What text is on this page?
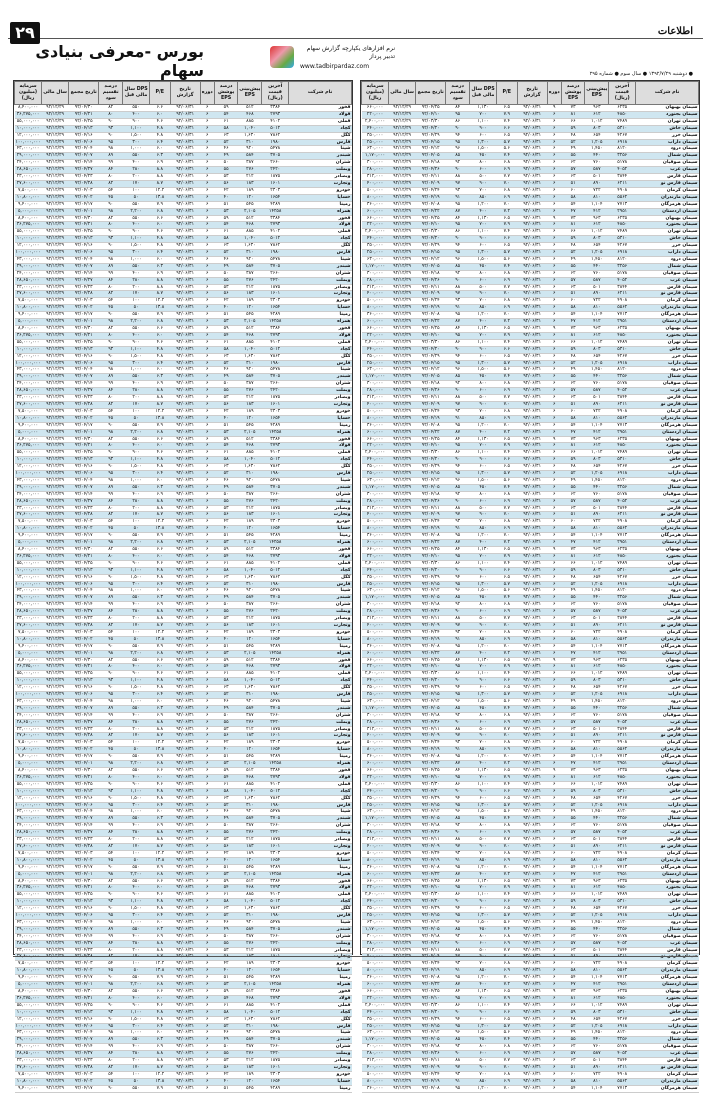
۲۹	اطلاعات
بورس -معرفی بنیادی سهام
نرم افزارهای یکپارچه گزارش سهام
تدبیر پرداز
www.tadbirpardaz.com
● دوشنبه ۱۳۹۲/۷/۲۹ ● سال سوم ● شماره ۲۹۵
نام شرکت	آخرین قیمت (ریال)	پیش‌بینی EPS	درصد پوشش EPS	دوره	تاریخ گزارش	P/E	DPS سال مالی قبل	درصد تقسیم سود	تاریخ مجمع	سال مالی	سرمایه (میلیون ریال)
سیمان بهبهان	۶۲۳۵	۹۶۳	۷۳	۹	۹۲/۰۶/۳۱	۶.۵	۱,۱۳۰	۸۴	۹۲/۰۴/۲۵	۹۲/۱۲/۲۹	۶۶۰,۰۰۰
سیمان بجنورد	۴۸۵۰	۶۱۲	۸۱	۶	۹۲/۰۶/۳۱	۷.۹	۷۰۰	۹۵	۹۲/۰۴/۱۰	۹۲/۱۲/۲۹	۲۲۰,۰۰۰
سیمان تهران	۷۴۸۹	۱,۰۱۲	۶۶	۶	۹۲/۰۶/۳۱	۷.۴	۱,۱۰۰	۸۶	۹۲/۰۳/۳۰	۹۲/۱۲/۲۹	۲,۴۰۰,۰۰۰
سیمان خاش	۵۳۱۰	۸۰۳	۵۹	۶	۹۲/۰۶/۳۱	۶.۶	۹۰۰	۹۰	۹۲/۰۴/۲۰	۹۲/۱۲/۲۹	۴۴۰,۰۰۰
سیمان خزر	۴۲۶۷	۶۵۴	۴۸	۶	۹۲/۰۶/۳۱	۶.۵	۶۰۰	۹۴	۹۲/۰۴/۲۹	۹۲/۱۲/۲۹	۳۵۰,۰۰۰
سیمان داراب	۶۹۱۸	۱,۲۰۵	۵۲	۶	۹۲/۰۶/۳۱	۵.۷	۱,۳۰۰	۹۵	۹۲/۰۴/۱۵	۹۲/۱۲/۲۹	۲۵۰,۰۰۰
سیمان درود	۸۱۲۰	۱,۴۵۰	۴۹	۶	۹۲/۰۶/۳۱	۵.۶	۱,۵۰۰	۹۶	۹۲/۰۴/۱۲	۹۲/۱۲/۲۹	۶۳۰,۰۰۰
سیمان شمال	۳۲۵۶	۴۴۰	۵۵	۶	۹۲/۰۶/۳۱	۷.۴	۴۵۰	۸۵	۹۲/۰۴/۰۵	۹۲/۱۲/۲۹	۱,۱۷۰,۰۰۰
سیمان صوفیان	۵۱۷۸	۷۶۰	۶۲	۶	۹۲/۰۶/۳۱	۶.۸	۸۰۰	۹۲	۹۲/۰۴/۱۸	۹۲/۱۲/۲۹	۳۰۰,۰۰۰
سیمان غرب	۴۰۵۲	۵۸۷	۵۷	۶	۹۲/۰۶/۳۱	۶.۹	۶۰۰	۹۰	۹۲/۰۴/۲۶	۹۲/۱۲/۲۹	۲۸۰,۰۰۰
سیمان فارس	۳۸۴۴	۵۰۱	۶۳	۶	۹۲/۰۶/۳۱	۷.۷	۵۰۰	۸۸	۹۲/۰۴/۱۱	۹۲/۱۲/۲۹	۳۱۲,۰۰۰
سیمان فارس نو	۶۲۱۱	۸۹۰	۵۱	۶	۹۲/۰۶/۳۱	۷.۰	۹۰۰	۹۷	۹۲/۰۴/۰۹	۹۲/۱۲/۲۹	۴۰۰,۰۰۰
سیمان کرمان	۴۹۰۸	۷۲۲	۶۰	۶	۹۲/۰۶/۳۱	۶.۸	۷۰۰	۹۳	۹۲/۰۴/۲۴	۹۲/۱۲/۲۹	۵۰۰,۰۰۰
سیمان مازندران	۵۵۶۲	۸۱۰	۵۸	۶	۹۲/۰۶/۳۱	۶.۹	۸۵۰	۹۱	۹۲/۰۴/۱۹	۹۲/۱۲/۲۹	۸۰۰,۰۰۰
سیمان هرمزگان	۷۷۱۳	۱,۱۰۴	۵۴	۶	۹۲/۰۶/۳۱	۷.۰	۱,۲۰۰	۹۵	۹۲/۰۴/۰۸	۹۲/۱۲/۲۹	۳۶۰,۰۰۰
سیمان اردستان	۲۹۵۱	۴۱۲	۴۷	۶	۹۲/۰۶/۳۱	۷.۲	۴۰۰	۸۷	۹۲/۰۴/۲۲	۹۲/۱۲/۲۹	۶۰۰,۰۰۰
سیمان بهبهان	۶۲۳۵	۹۶۳	۷۳	۹	۹۲/۰۶/۳۱	۶.۵	۱,۱۳۰	۸۴	۹۲/۰۴/۲۵	۹۲/۱۲/۲۹	۶۶۰,۰۰۰
سیمان بجنورد	۴۸۵۰	۶۱۲	۸۱	۶	۹۲/۰۶/۳۱	۷.۹	۷۰۰	۹۵	۹۲/۰۴/۱۰	۹۲/۱۲/۲۹	۲۲۰,۰۰۰
سیمان تهران	۷۴۸۹	۱,۰۱۲	۶۶	۶	۹۲/۰۶/۳۱	۷.۴	۱,۱۰۰	۸۶	۹۲/۰۳/۳۰	۹۲/۱۲/۲۹	۲,۴۰۰,۰۰۰
سیمان خاش	۵۳۱۰	۸۰۳	۵۹	۶	۹۲/۰۶/۳۱	۶.۶	۹۰۰	۹۰	۹۲/۰۴/۲۰	۹۲/۱۲/۲۹	۴۴۰,۰۰۰
سیمان خزر	۴۲۶۷	۶۵۴	۴۸	۶	۹۲/۰۶/۳۱	۶.۵	۶۰۰	۹۴	۹۲/۰۴/۲۹	۹۲/۱۲/۲۹	۳۵۰,۰۰۰
سیمان داراب	۶۹۱۸	۱,۲۰۵	۵۲	۶	۹۲/۰۶/۳۱	۵.۷	۱,۳۰۰	۹۵	۹۲/۰۴/۱۵	۹۲/۱۲/۲۹	۲۵۰,۰۰۰
سیمان درود	۸۱۲۰	۱,۴۵۰	۴۹	۶	۹۲/۰۶/۳۱	۵.۶	۱,۵۰۰	۹۶	۹۲/۰۴/۱۲	۹۲/۱۲/۲۹	۶۳۰,۰۰۰
سیمان شمال	۳۲۵۶	۴۴۰	۵۵	۶	۹۲/۰۶/۳۱	۷.۴	۴۵۰	۸۵	۹۲/۰۴/۰۵	۹۲/۱۲/۲۹	۱,۱۷۰,۰۰۰
سیمان صوفیان	۵۱۷۸	۷۶۰	۶۲	۶	۹۲/۰۶/۳۱	۶.۸	۸۰۰	۹۲	۹۲/۰۴/۱۸	۹۲/۱۲/۲۹	۳۰۰,۰۰۰
سیمان غرب	۴۰۵۲	۵۸۷	۵۷	۶	۹۲/۰۶/۳۱	۶.۹	۶۰۰	۹۰	۹۲/۰۴/۲۶	۹۲/۱۲/۲۹	۲۸۰,۰۰۰
سیمان فارس	۳۸۴۴	۵۰۱	۶۳	۶	۹۲/۰۶/۳۱	۷.۷	۵۰۰	۸۸	۹۲/۰۴/۱۱	۹۲/۱۲/۲۹	۳۱۲,۰۰۰
سیمان فارس نو	۶۲۱۱	۸۹۰	۵۱	۶	۹۲/۰۶/۳۱	۷.۰	۹۰۰	۹۷	۹۲/۰۴/۰۹	۹۲/۱۲/۲۹	۴۰۰,۰۰۰
سیمان کرمان	۴۹۰۸	۷۲۲	۶۰	۶	۹۲/۰۶/۳۱	۶.۸	۷۰۰	۹۳	۹۲/۰۴/۲۴	۹۲/۱۲/۲۹	۵۰۰,۰۰۰
سیمان مازندران	۵۵۶۲	۸۱۰	۵۸	۶	۹۲/۰۶/۳۱	۶.۹	۸۵۰	۹۱	۹۲/۰۴/۱۹	۹۲/۱۲/۲۹	۸۰۰,۰۰۰
سیمان هرمزگان	۷۷۱۳	۱,۱۰۴	۵۴	۶	۹۲/۰۶/۳۱	۷.۰	۱,۲۰۰	۹۵	۹۲/۰۴/۰۸	۹۲/۱۲/۲۹	۳۶۰,۰۰۰
سیمان اردستان	۲۹۵۱	۴۱۲	۴۷	۶	۹۲/۰۶/۳۱	۷.۲	۴۰۰	۸۷	۹۲/۰۴/۲۲	۹۲/۱۲/۲۹	۶۰۰,۰۰۰
سیمان بهبهان	۶۲۳۵	۹۶۳	۷۳	۹	۹۲/۰۶/۳۱	۶.۵	۱,۱۳۰	۸۴	۹۲/۰۴/۲۵	۹۲/۱۲/۲۹	۶۶۰,۰۰۰
سیمان بجنورد	۴۸۵۰	۶۱۲	۸۱	۶	۹۲/۰۶/۳۱	۷.۹	۷۰۰	۹۵	۹۲/۰۴/۱۰	۹۲/۱۲/۲۹	۲۲۰,۰۰۰
سیمان تهران	۷۴۸۹	۱,۰۱۲	۶۶	۶	۹۲/۰۶/۳۱	۷.۴	۱,۱۰۰	۸۶	۹۲/۰۳/۳۰	۹۲/۱۲/۲۹	۲,۴۰۰,۰۰۰
سیمان خاش	۵۳۱۰	۸۰۳	۵۹	۶	۹۲/۰۶/۳۱	۶.۶	۹۰۰	۹۰	۹۲/۰۴/۲۰	۹۲/۱۲/۲۹	۴۴۰,۰۰۰
سیمان خزر	۴۲۶۷	۶۵۴	۴۸	۶	۹۲/۰۶/۳۱	۶.۵	۶۰۰	۹۴	۹۲/۰۴/۲۹	۹۲/۱۲/۲۹	۳۵۰,۰۰۰
سیمان داراب	۶۹۱۸	۱,۲۰۵	۵۲	۶	۹۲/۰۶/۳۱	۵.۷	۱,۳۰۰	۹۵	۹۲/۰۴/۱۵	۹۲/۱۲/۲۹	۲۵۰,۰۰۰
سیمان درود	۸۱۲۰	۱,۴۵۰	۴۹	۶	۹۲/۰۶/۳۱	۵.۶	۱,۵۰۰	۹۶	۹۲/۰۴/۱۲	۹۲/۱۲/۲۹	۶۳۰,۰۰۰
سیمان شمال	۳۲۵۶	۴۴۰	۵۵	۶	۹۲/۰۶/۳۱	۷.۴	۴۵۰	۸۵	۹۲/۰۴/۰۵	۹۲/۱۲/۲۹	۱,۱۷۰,۰۰۰
سیمان صوفیان	۵۱۷۸	۷۶۰	۶۲	۶	۹۲/۰۶/۳۱	۶.۸	۸۰۰	۹۲	۹۲/۰۴/۱۸	۹۲/۱۲/۲۹	۳۰۰,۰۰۰
سیمان غرب	۴۰۵۲	۵۸۷	۵۷	۶	۹۲/۰۶/۳۱	۶.۹	۶۰۰	۹۰	۹۲/۰۴/۲۶	۹۲/۱۲/۲۹	۲۸۰,۰۰۰
سیمان فارس	۳۸۴۴	۵۰۱	۶۳	۶	۹۲/۰۶/۳۱	۷.۷	۵۰۰	۸۸	۹۲/۰۴/۱۱	۹۲/۱۲/۲۹	۳۱۲,۰۰۰
سیمان فارس نو	۶۲۱۱	۸۹۰	۵۱	۶	۹۲/۰۶/۳۱	۷.۰	۹۰۰	۹۷	۹۲/۰۴/۰۹	۹۲/۱۲/۲۹	۴۰۰,۰۰۰
سیمان کرمان	۴۹۰۸	۷۲۲	۶۰	۶	۹۲/۰۶/۳۱	۶.۸	۷۰۰	۹۳	۹۲/۰۴/۲۴	۹۲/۱۲/۲۹	۵۰۰,۰۰۰
سیمان مازندران	۵۵۶۲	۸۱۰	۵۸	۶	۹۲/۰۶/۳۱	۶.۹	۸۵۰	۹۱	۹۲/۰۴/۱۹	۹۲/۱۲/۲۹	۸۰۰,۰۰۰
سیمان هرمزگان	۷۷۱۳	۱,۱۰۴	۵۴	۶	۹۲/۰۶/۳۱	۷.۰	۱,۲۰۰	۹۵	۹۲/۰۴/۰۸	۹۲/۱۲/۲۹	۳۶۰,۰۰۰
سیمان اردستان	۲۹۵۱	۴۱۲	۴۷	۶	۹۲/۰۶/۳۱	۷.۲	۴۰۰	۸۷	۹۲/۰۴/۲۲	۹۲/۱۲/۲۹	۶۰۰,۰۰۰
سیمان بهبهان	۶۲۳۵	۹۶۳	۷۳	۹	۹۲/۰۶/۳۱	۶.۵	۱,۱۳۰	۸۴	۹۲/۰۴/۲۵	۹۲/۱۲/۲۹	۶۶۰,۰۰۰
سیمان بجنورد	۴۸۵۰	۶۱۲	۸۱	۶	۹۲/۰۶/۳۱	۷.۹	۷۰۰	۹۵	۹۲/۰۴/۱۰	۹۲/۱۲/۲۹	۲۲۰,۰۰۰
سیمان تهران	۷۴۸۹	۱,۰۱۲	۶۶	۶	۹۲/۰۶/۳۱	۷.۴	۱,۱۰۰	۸۶	۹۲/۰۳/۳۰	۹۲/۱۲/۲۹	۲,۴۰۰,۰۰۰
سیمان خاش	۵۳۱۰	۸۰۳	۵۹	۶	۹۲/۰۶/۳۱	۶.۶	۹۰۰	۹۰	۹۲/۰۴/۲۰	۹۲/۱۲/۲۹	۴۴۰,۰۰۰
سیمان خزر	۴۲۶۷	۶۵۴	۴۸	۶	۹۲/۰۶/۳۱	۶.۵	۶۰۰	۹۴	۹۲/۰۴/۲۹	۹۲/۱۲/۲۹	۳۵۰,۰۰۰
سیمان داراب	۶۹۱۸	۱,۲۰۵	۵۲	۶	۹۲/۰۶/۳۱	۵.۷	۱,۳۰۰	۹۵	۹۲/۰۴/۱۵	۹۲/۱۲/۲۹	۲۵۰,۰۰۰
سیمان درود	۸۱۲۰	۱,۴۵۰	۴۹	۶	۹۲/۰۶/۳۱	۵.۶	۱,۵۰۰	۹۶	۹۲/۰۴/۱۲	۹۲/۱۲/۲۹	۶۳۰,۰۰۰
سیمان شمال	۳۲۵۶	۴۴۰	۵۵	۶	۹۲/۰۶/۳۱	۷.۴	۴۵۰	۸۵	۹۲/۰۴/۰۵	۹۲/۱۲/۲۹	۱,۱۷۰,۰۰۰
سیمان صوفیان	۵۱۷۸	۷۶۰	۶۲	۶	۹۲/۰۶/۳۱	۶.۸	۸۰۰	۹۲	۹۲/۰۴/۱۸	۹۲/۱۲/۲۹	۳۰۰,۰۰۰
سیمان غرب	۴۰۵۲	۵۸۷	۵۷	۶	۹۲/۰۶/۳۱	۶.۹	۶۰۰	۹۰	۹۲/۰۴/۲۶	۹۲/۱۲/۲۹	۲۸۰,۰۰۰
سیمان فارس	۳۸۴۴	۵۰۱	۶۳	۶	۹۲/۰۶/۳۱	۷.۷	۵۰۰	۸۸	۹۲/۰۴/۱۱	۹۲/۱۲/۲۹	۳۱۲,۰۰۰
سیمان فارس نو	۶۲۱۱	۸۹۰	۵۱	۶	۹۲/۰۶/۳۱	۷.۰	۹۰۰	۹۷	۹۲/۰۴/۰۹	۹۲/۱۲/۲۹	۴۰۰,۰۰۰
سیمان کرمان	۴۹۰۸	۷۲۲	۶۰	۶	۹۲/۰۶/۳۱	۶.۸	۷۰۰	۹۳	۹۲/۰۴/۲۴	۹۲/۱۲/۲۹	۵۰۰,۰۰۰
سیمان مازندران	۵۵۶۲	۸۱۰	۵۸	۶	۹۲/۰۶/۳۱	۶.۹	۸۵۰	۹۱	۹۲/۰۴/۱۹	۹۲/۱۲/۲۹	۸۰۰,۰۰۰
سیمان هرمزگان	۷۷۱۳	۱,۱۰۴	۵۴	۶	۹۲/۰۶/۳۱	۷.۰	۱,۲۰۰	۹۵	۹۲/۰۴/۰۸	۹۲/۱۲/۲۹	۳۶۰,۰۰۰
سیمان اردستان	۲۹۵۱	۴۱۲	۴۷	۶	۹۲/۰۶/۳۱	۷.۲	۴۰۰	۸۷	۹۲/۰۴/۲۲	۹۲/۱۲/۲۹	۶۰۰,۰۰۰
سیمان بهبهان	۶۲۳۵	۹۶۳	۷۳	۹	۹۲/۰۶/۳۱	۶.۵	۱,۱۳۰	۸۴	۹۲/۰۴/۲۵	۹۲/۱۲/۲۹	۶۶۰,۰۰۰
سیمان بجنورد	۴۸۵۰	۶۱۲	۸۱	۶	۹۲/۰۶/۳۱	۷.۹	۷۰۰	۹۵	۹۲/۰۴/۱۰	۹۲/۱۲/۲۹	۲۲۰,۰۰۰
سیمان تهران	۷۴۸۹	۱,۰۱۲	۶۶	۶	۹۲/۰۶/۳۱	۷.۴	۱,۱۰۰	۸۶	۹۲/۰۳/۳۰	۹۲/۱۲/۲۹	۲,۴۰۰,۰۰۰
سیمان خاش	۵۳۱۰	۸۰۳	۵۹	۶	۹۲/۰۶/۳۱	۶.۶	۹۰۰	۹۰	۹۲/۰۴/۲۰	۹۲/۱۲/۲۹	۴۴۰,۰۰۰
سیمان خزر	۴۲۶۷	۶۵۴	۴۸	۶	۹۲/۰۶/۳۱	۶.۵	۶۰۰	۹۴	۹۲/۰۴/۲۹	۹۲/۱۲/۲۹	۳۵۰,۰۰۰
سیمان داراب	۶۹۱۸	۱,۲۰۵	۵۲	۶	۹۲/۰۶/۳۱	۵.۷	۱,۳۰۰	۹۵	۹۲/۰۴/۱۵	۹۲/۱۲/۲۹	۲۵۰,۰۰۰
سیمان درود	۸۱۲۰	۱,۴۵۰	۴۹	۶	۹۲/۰۶/۳۱	۵.۶	۱,۵۰۰	۹۶	۹۲/۰۴/۱۲	۹۲/۱۲/۲۹	۶۳۰,۰۰۰
سیمان شمال	۳۲۵۶	۴۴۰	۵۵	۶	۹۲/۰۶/۳۱	۷.۴	۴۵۰	۸۵	۹۲/۰۴/۰۵	۹۲/۱۲/۲۹	۱,۱۷۰,۰۰۰
سیمان صوفیان	۵۱۷۸	۷۶۰	۶۲	۶	۹۲/۰۶/۳۱	۶.۸	۸۰۰	۹۲	۹۲/۰۴/۱۸	۹۲/۱۲/۲۹	۳۰۰,۰۰۰
سیمان غرب	۴۰۵۲	۵۸۷	۵۷	۶	۹۲/۰۶/۳۱	۶.۹	۶۰۰	۹۰	۹۲/۰۴/۲۶	۹۲/۱۲/۲۹	۲۸۰,۰۰۰
سیمان فارس	۳۸۴۴	۵۰۱	۶۳	۶	۹۲/۰۶/۳۱	۷.۷	۵۰۰	۸۸	۹۲/۰۴/۱۱	۹۲/۱۲/۲۹	۳۱۲,۰۰۰
سیمان فارس نو	۶۲۱۱	۸۹۰	۵۱	۶	۹۲/۰۶/۳۱	۷.۰	۹۰۰	۹۷	۹۲/۰۴/۰۹	۹۲/۱۲/۲۹	۴۰۰,۰۰۰
سیمان کرمان	۴۹۰۸	۷۲۲	۶۰	۶	۹۲/۰۶/۳۱	۶.۸	۷۰۰	۹۳	۹۲/۰۴/۲۴	۹۲/۱۲/۲۹	۵۰۰,۰۰۰
سیمان مازندران	۵۵۶۲	۸۱۰	۵۸	۶	۹۲/۰۶/۳۱	۶.۹	۸۵۰	۹۱	۹۲/۰۴/۱۹	۹۲/۱۲/۲۹	۸۰۰,۰۰۰
سیمان هرمزگان	۷۷۱۳	۱,۱۰۴	۵۴	۶	۹۲/۰۶/۳۱	۷.۰	۱,۲۰۰	۹۵	۹۲/۰۴/۰۸	۹۲/۱۲/۲۹	۳۶۰,۰۰۰
سیمان اردستان	۲۹۵۱	۴۱۲	۴۷	۶	۹۲/۰۶/۳۱	۷.۲	۴۰۰	۸۷	۹۲/۰۴/۲۲	۹۲/۱۲/۲۹	۶۰۰,۰۰۰
سیمان بهبهان	۶۲۳۵	۹۶۳	۷۳	۹	۹۲/۰۶/۳۱	۶.۵	۱,۱۳۰	۸۴	۹۲/۰۴/۲۵	۹۲/۱۲/۲۹	۶۶۰,۰۰۰
سیمان بجنورد	۴۸۵۰	۶۱۲	۸۱	۶	۹۲/۰۶/۳۱	۷.۹	۷۰۰	۹۵	۹۲/۰۴/۱۰	۹۲/۱۲/۲۹	۲۲۰,۰۰۰
سیمان تهران	۷۴۸۹	۱,۰۱۲	۶۶	۶	۹۲/۰۶/۳۱	۷.۴	۱,۱۰۰	۸۶	۹۲/۰۳/۳۰	۹۲/۱۲/۲۹	۲,۴۰۰,۰۰۰
سیمان خاش	۵۳۱۰	۸۰۳	۵۹	۶	۹۲/۰۶/۳۱	۶.۶	۹۰۰	۹۰	۹۲/۰۴/۲۰	۹۲/۱۲/۲۹	۴۴۰,۰۰۰
سیمان خزر	۴۲۶۷	۶۵۴	۴۸	۶	۹۲/۰۶/۳۱	۶.۵	۶۰۰	۹۴	۹۲/۰۴/۲۹	۹۲/۱۲/۲۹	۳۵۰,۰۰۰
سیمان داراب	۶۹۱۸	۱,۲۰۵	۵۲	۶	۹۲/۰۶/۳۱	۵.۷	۱,۳۰۰	۹۵	۹۲/۰۴/۱۵	۹۲/۱۲/۲۹	۲۵۰,۰۰۰
سیمان درود	۸۱۲۰	۱,۴۵۰	۴۹	۶	۹۲/۰۶/۳۱	۵.۶	۱,۵۰۰	۹۶	۹۲/۰۴/۱۲	۹۲/۱۲/۲۹	۶۳۰,۰۰۰
سیمان شمال	۳۲۵۶	۴۴۰	۵۵	۶	۹۲/۰۶/۳۱	۷.۴	۴۵۰	۸۵	۹۲/۰۴/۰۵	۹۲/۱۲/۲۹	۱,۱۷۰,۰۰۰
سیمان صوفیان	۵۱۷۸	۷۶۰	۶۲	۶	۹۲/۰۶/۳۱	۶.۸	۸۰۰	۹۲	۹۲/۰۴/۱۸	۹۲/۱۲/۲۹	۳۰۰,۰۰۰
سیمان غرب	۴۰۵۲	۵۸۷	۵۷	۶	۹۲/۰۶/۳۱	۶.۹	۶۰۰	۹۰	۹۲/۰۴/۲۶	۹۲/۱۲/۲۹	۲۸۰,۰۰۰
سیمان فارس	۳۸۴۴	۵۰۱	۶۳	۶	۹۲/۰۶/۳۱	۷.۷	۵۰۰	۸۸	۹۲/۰۴/۱۱	۹۲/۱۲/۲۹	۳۱۲,۰۰۰
سیمان فارس نو	۶۲۱۱	۸۹۰	۵۱	۶	۹۲/۰۶/۳۱	۷.۰	۹۰۰	۹۷	۹۲/۰۴/۰۹	۹۲/۱۲/۲۹	۴۰۰,۰۰۰
سیمان کرمان	۴۹۰۸	۷۲۲	۶۰	۶	۹۲/۰۶/۳۱	۶.۸	۷۰۰	۹۳	۹۲/۰۴/۲۴	۹۲/۱۲/۲۹	۵۰۰,۰۰۰
سیمان مازندران	۵۵۶۲	۸۱۰	۵۸	۶	۹۲/۰۶/۳۱	۶.۹	۸۵۰	۹۱	۹۲/۰۴/۱۹	۹۲/۱۲/۲۹	۸۰۰,۰۰۰
سیمان هرمزگان	۷۷۱۳	۱,۱۰۴	۵۴	۶	۹۲/۰۶/۳۱	۷.۰	۱,۲۰۰	۹۵	۹۲/۰۴/۰۸	۹۲/۱۲/۲۹	۳۶۰,۰۰۰
سیمان اردستان	۲۹۵۱	۴۱۲	۴۷	۶	۹۲/۰۶/۳۱	۷.۲	۴۰۰	۸۷	۹۲/۰۴/۲۲	۹۲/۱۲/۲۹	۶۰۰,۰۰۰
سیمان بهبهان	۶۲۳۵	۹۶۳	۷۳	۹	۹۲/۰۶/۳۱	۶.۵	۱,۱۳۰	۸۴	۹۲/۰۴/۲۵	۹۲/۱۲/۲۹	۶۶۰,۰۰۰
سیمان بجنورد	۴۸۵۰	۶۱۲	۸۱	۶	۹۲/۰۶/۳۱	۷.۹	۷۰۰	۹۵	۹۲/۰۴/۱۰	۹۲/۱۲/۲۹	۲۲۰,۰۰۰
سیمان تهران	۷۴۸۹	۱,۰۱۲	۶۶	۶	۹۲/۰۶/۳۱	۷.۴	۱,۱۰۰	۸۶	۹۲/۰۳/۳۰	۹۲/۱۲/۲۹	۲,۴۰۰,۰۰۰
سیمان خاش	۵۳۱۰	۸۰۳	۵۹	۶	۹۲/۰۶/۳۱	۶.۶	۹۰۰	۹۰	۹۲/۰۴/۲۰	۹۲/۱۲/۲۹	۴۴۰,۰۰۰
سیمان خزر	۴۲۶۷	۶۵۴	۴۸	۶	۹۲/۰۶/۳۱	۶.۵	۶۰۰	۹۴	۹۲/۰۴/۲۹	۹۲/۱۲/۲۹	۳۵۰,۰۰۰
سیمان داراب	۶۹۱۸	۱,۲۰۵	۵۲	۶	۹۲/۰۶/۳۱	۵.۷	۱,۳۰۰	۹۵	۹۲/۰۴/۱۵	۹۲/۱۲/۲۹	۲۵۰,۰۰۰
سیمان درود	۸۱۲۰	۱,۴۵۰	۴۹	۶	۹۲/۰۶/۳۱	۵.۶	۱,۵۰۰	۹۶	۹۲/۰۴/۱۲	۹۲/۱۲/۲۹	۶۳۰,۰۰۰
سیمان شمال	۳۲۵۶	۴۴۰	۵۵	۶	۹۲/۰۶/۳۱	۷.۴	۴۵۰	۸۵	۹۲/۰۴/۰۵	۹۲/۱۲/۲۹	۱,۱۷۰,۰۰۰
سیمان صوفیان	۵۱۷۸	۷۶۰	۶۲	۶	۹۲/۰۶/۳۱	۶.۸	۸۰۰	۹۲	۹۲/۰۴/۱۸	۹۲/۱۲/۲۹	۳۰۰,۰۰۰
سیمان غرب	۴۰۵۲	۵۸۷	۵۷	۶	۹۲/۰۶/۳۱	۶.۹	۶۰۰	۹۰	۹۲/۰۴/۲۶	۹۲/۱۲/۲۹	۲۸۰,۰۰۰
سیمان فارس	۳۸۴۴	۵۰۱	۶۳	۶	۹۲/۰۶/۳۱	۷.۷	۵۰۰	۸۸	۹۲/۰۴/۱۱	۹۲/۱۲/۲۹	۳۱۲,۰۰۰
سیمان فارس نو	۶۲۱۱	۸۹۰	۵۱	۶	۹۲/۰۶/۳۱	۷.۰	۹۰۰	۹۷	۹۲/۰۴/۰۹	۹۲/۱۲/۲۹	۴۰۰,۰۰۰
سیمان کرمان	۴۹۰۸	۷۲۲	۶۰	۶	۹۲/۰۶/۳۱	۶.۸	۷۰۰	۹۳	۹۲/۰۴/۲۴	۹۲/۱۲/۲۹	۵۰۰,۰۰۰
سیمان مازندران	۵۵۶۲	۸۱۰	۵۸	۶	۹۲/۰۶/۳۱	۶.۹	۸۵۰	۹۱	۹۲/۰۴/۱۹	۹۲/۱۲/۲۹	۸۰۰,۰۰۰
سیمان هرمزگان	۷۷۱۳	۱,۱۰۴	۵۴	۶	۹۲/۰۶/۳۱	۷.۰	۱,۲۰۰	۹۵	۹۲/۰۴/۰۸	۹۲/۱۲/۲۹	۳۶۰,۰۰۰
سیمان اردستان	۲۹۵۱	۴۱۲	۴۷	۶	۹۲/۰۶/۳۱	۷.۲	۴۰۰	۸۷	۹۲/۰۴/۲۲	۹۲/۱۲/۲۹	۶۰۰,۰۰۰
سیمان بهبهان	۶۲۳۵	۹۶۳	۷۳	۹	۹۲/۰۶/۳۱	۶.۵	۱,۱۳۰	۸۴	۹۲/۰۴/۲۵	۹۲/۱۲/۲۹	۶۶۰,۰۰۰
سیمان بجنورد	۴۸۵۰	۶۱۲	۸۱	۶	۹۲/۰۶/۳۱	۷.۹	۷۰۰	۹۵	۹۲/۰۴/۱۰	۹۲/۱۲/۲۹	۲۲۰,۰۰۰
سیمان تهران	۷۴۸۹	۱,۰۱۲	۶۶	۶	۹۲/۰۶/۳۱	۷.۴	۱,۱۰۰	۸۶	۹۲/۰۳/۳۰	۹۲/۱۲/۲۹	۲,۴۰۰,۰۰۰
سیمان خاش	۵۳۱۰	۸۰۳	۵۹	۶	۹۲/۰۶/۳۱	۶.۶	۹۰۰	۹۰	۹۲/۰۴/۲۰	۹۲/۱۲/۲۹	۴۴۰,۰۰۰
سیمان خزر	۴۲۶۷	۶۵۴	۴۸	۶	۹۲/۰۶/۳۱	۶.۵	۶۰۰	۹۴	۹۲/۰۴/۲۹	۹۲/۱۲/۲۹	۳۵۰,۰۰۰
سیمان داراب	۶۹۱۸	۱,۲۰۵	۵۲	۶	۹۲/۰۶/۳۱	۵.۷	۱,۳۰۰	۹۵	۹۲/۰۴/۱۵	۹۲/۱۲/۲۹	۲۵۰,۰۰۰
سیمان درود	۸۱۲۰	۱,۴۵۰	۴۹	۶	۹۲/۰۶/۳۱	۵.۶	۱,۵۰۰	۹۶	۹۲/۰۴/۱۲	۹۲/۱۲/۲۹	۶۳۰,۰۰۰
سیمان شمال	۳۲۵۶	۴۴۰	۵۵	۶	۹۲/۰۶/۳۱	۷.۴	۴۵۰	۸۵	۹۲/۰۴/۰۵	۹۲/۱۲/۲۹	۱,۱۷۰,۰۰۰
سیمان صوفیان	۵۱۷۸	۷۶۰	۶۲	۶	۹۲/۰۶/۳۱	۶.۸	۸۰۰	۹۲	۹۲/۰۴/۱۸	۹۲/۱۲/۲۹	۳۰۰,۰۰۰
سیمان غرب	۴۰۵۲	۵۸۷	۵۷	۶	۹۲/۰۶/۳۱	۶.۹	۶۰۰	۹۰	۹۲/۰۴/۲۶	۹۲/۱۲/۲۹	۲۸۰,۰۰۰
سیمان فارس	۳۸۴۴	۵۰۱	۶۳	۶	۹۲/۰۶/۳۱	۷.۷	۵۰۰	۸۸	۹۲/۰۴/۱۱	۹۲/۱۲/۲۹	۳۱۲,۰۰۰
سیمان فارس نو	۶۲۱۱	۸۹۰	۵۱	۶	۹۲/۰۶/۳۱	۷.۰	۹۰۰	۹۷	۹۲/۰۴/۰۹	۹۲/۱۲/۲۹	۴۰۰,۰۰۰
سیمان کرمان	۴۹۰۸	۷۲۲	۶۰	۶	۹۲/۰۶/۳۱	۶.۸	۷۰۰	۹۳	۹۲/۰۴/۲۴	۹۲/۱۲/۲۹	۵۰۰,۰۰۰
سیمان مازندران	۵۵۶۲	۸۱۰	۵۸	۶	۹۲/۰۶/۳۱	۶.۹	۸۵۰	۹۱	۹۲/۰۴/۱۹	۹۲/۱۲/۲۹	۸۰۰,۰۰۰
سیمان هرمزگان	۷۷۱۳	۱,۱۰۴	۵۴	۶	۹۲/۰۶/۳۱	۷.۰	۱,۲۰۰	۹۵	۹۲/۰۴/۰۸	۹۲/۱۲/۲۹	۳۶۰,۰۰۰
سیمان اردستان	۲۹۵۱	۴۱۲	۴۷	۶	۹۲/۰۶/۳۱	۷.۲	۴۰۰	۸۷	۹۲/۰۴/۲۲	۹۲/۱۲/۲۹	۶۰۰,۰۰۰
سیمان بهبهان	۶۲۳۵	۹۶۳	۷۳	۹	۹۲/۰۶/۳۱	۶.۵	۱,۱۳۰	۸۴	۹۲/۰۴/۲۵	۹۲/۱۲/۲۹	۶۶۰,۰۰۰
سیمان بجنورد	۴۸۵۰	۶۱۲	۸۱	۶	۹۲/۰۶/۳۱	۷.۹	۷۰۰	۹۵	۹۲/۰۴/۱۰	۹۲/۱۲/۲۹	۲۲۰,۰۰۰
سیمان تهران	۷۴۸۹	۱,۰۱۲	۶۶	۶	۹۲/۰۶/۳۱	۷.۴	۱,۱۰۰	۸۶	۹۲/۰۳/۳۰	۹۲/۱۲/۲۹	۲,۴۰۰,۰۰۰
سیمان خاش	۵۳۱۰	۸۰۳	۵۹	۶	۹۲/۰۶/۳۱	۶.۶	۹۰۰	۹۰	۹۲/۰۴/۲۰	۹۲/۱۲/۲۹	۴۴۰,۰۰۰
سیمان خزر	۴۲۶۷	۶۵۴	۴۸	۶	۹۲/۰۶/۳۱	۶.۵	۶۰۰	۹۴	۹۲/۰۴/۲۹	۹۲/۱۲/۲۹	۳۵۰,۰۰۰
سیمان داراب	۶۹۱۸	۱,۲۰۵	۵۲	۶	۹۲/۰۶/۳۱	۵.۷	۱,۳۰۰	۹۵	۹۲/۰۴/۱۵	۹۲/۱۲/۲۹	۲۵۰,۰۰۰
سیمان درود	۸۱۲۰	۱,۴۵۰	۴۹	۶	۹۲/۰۶/۳۱	۵.۶	۱,۵۰۰	۹۶	۹۲/۰۴/۱۲	۹۲/۱۲/۲۹	۶۳۰,۰۰۰
سیمان شمال	۳۲۵۶	۴۴۰	۵۵	۶	۹۲/۰۶/۳۱	۷.۴	۴۵۰	۸۵	۹۲/۰۴/۰۵	۹۲/۱۲/۲۹	۱,۱۷۰,۰۰۰
سیمان صوفیان	۵۱۷۸	۷۶۰	۶۲	۶	۹۲/۰۶/۳۱	۶.۸	۸۰۰	۹۲	۹۲/۰۴/۱۸	۹۲/۱۲/۲۹	۳۰۰,۰۰۰
سیمان غرب	۴۰۵۲	۵۸۷	۵۷	۶	۹۲/۰۶/۳۱	۶.۹	۶۰۰	۹۰	۹۲/۰۴/۲۶	۹۲/۱۲/۲۹	۲۸۰,۰۰۰
سیمان فارس	۳۸۴۴	۵۰۱	۶۳	۶	۹۲/۰۶/۳۱	۷.۷	۵۰۰	۸۸	۹۲/۰۴/۱۱	۹۲/۱۲/۲۹	۳۱۲,۰۰۰
سیمان فارس نو	۶۲۱۱	۸۹۰	۵۱	۶	۹۲/۰۶/۳۱	۷.۰	۹۰۰	۹۷	۹۲/۰۴/۰۹	۹۲/۱۲/۲۹	۴۰۰,۰۰۰
سیمان کرمان	۴۹۰۸	۷۲۲	۶۰	۶	۹۲/۰۶/۳۱	۶.۸	۷۰۰	۹۳	۹۲/۰۴/۲۴	۹۲/۱۲/۲۹	۵۰۰,۰۰۰
سیمان مازندران	۵۵۶۲	۸۱۰	۵۸	۶	۹۲/۰۶/۳۱	۶.۹	۸۵۰	۹۱	۹۲/۰۴/۱۹	۹۲/۱۲/۲۹	۸۰۰,۰۰۰
سیمان هرمزگان	۷۷۱۳	۱,۱۰۴	۵۴	۶	۹۲/۰۶/۳۱	۷.۰	۱,۲۰۰	۹۵	۹۲/۰۴/۰۸	۹۲/۱۲/۲۹	۳۶۰,۰۰۰
نام شرکت	آخرین قیمت (ریال)	پیش‌بینی EPS	درصد پوشش EPS	دوره	تاریخ گزارش	P/E	DPS سال مالی قبل	درصد تقسیم سود	تاریخ مجمع	سال مالی	سرمایه (میلیون ریال)
فخوز	۳۳۸۴	۵۱۲	۵۹	۶	۹۲/۰۶/۳۱	۶.۶	۵۵۰	۸۲	۹۲/۰۴/۳۰	۹۲/۱۲/۲۹	۸,۴۰۰,۰۰۰
فولاد	۲۷۹۳	۴۶۸	۵۴	۶	۹۲/۰۶/۳۱	۶.۰	۴۰۰	۸۰	۹۲/۰۴/۲۱	۹۲/۱۲/۲۹	۳۶,۲۷۵,۰۰۰
فملی	۴۱۰۲	۸۸۵	۶۱	۶	۹۲/۰۶/۳۱	۴.۶	۹۰۰	۹۰	۹۲/۰۴/۲۵	۹۲/۱۲/۲۹	۵۵,۰۰۰,۰۰۰
کچاد	۵۰۱۲	۱,۰۴۰	۵۸	۶	۹۲/۰۶/۳۱	۴.۸	۱,۱۰۰	۹۳	۹۲/۰۴/۱۳	۹۲/۱۲/۲۹	۱۰,۰۰۰,۰۰۰
کگل	۷۸۶۲	۱,۶۳۰	۶۳	۶	۹۲/۰۶/۳۱	۴.۸	۱,۵۰۰	۹۰	۹۲/۰۴/۱۶	۹۲/۱۲/۲۹	۱۲,۰۰۰,۰۰۰
فارس	۱۹۸۰	۳۱۰	۵۲	۶	۹۲/۰۶/۳۱	۶.۴	۳۰۰	۹۵	۹۲/۰۴/۰۶	۹۲/۱۲/۲۹	۱۰۰,۰۰۰,۰۰۰
شپنا	۵۴۷۸	۹۲۰	۴۶	۶	۹۲/۰۶/۳۱	۶.۰	۱,۰۰۰	۹۸	۹۲/۰۴/۰۴	۹۲/۱۲/۲۹	۴۳,۰۰۰,۰۰۰
شبندر	۳۷۰۵	۵۸۴	۴۹	۶	۹۲/۰۶/۳۱	۶.۳	۵۵۰	۸۹	۹۲/۰۴/۰۷	۹۲/۱۲/۲۹	۲۹,۰۰۰,۰۰۰
شتران	۲۶۶۰	۳۸۷	۵۰	۶	۹۲/۰۶/۳۱	۶.۹	۴۰۰	۹۹	۹۲/۰۴/۱۴	۹۲/۱۲/۲۹	۲۴,۰۰۰,۰۰۰
وبملت	۲۴۲۰	۲۷۶	۵۵	۶	۹۲/۰۶/۳۱	۸.۸	۲۸۰	۸۴	۹۲/۰۴/۲۷	۹۲/۱۲/۲۹	۲۸,۶۵۰,۰۰۰
وبصادر	۱۸۷۵	۲۱۲	۵۳	۶	۹۲/۰۶/۳۱	۸.۸	۲۰۰	۸۰	۹۲/۰۴/۲۳	۹۲/۱۲/۲۹	۲۳,۰۰۰,۰۰۰
وتجارت	۱۶۰۱	۱۸۳	۵۶	۶	۹۲/۰۶/۳۱	۸.۷	۱۷۰	۸۲	۹۲/۰۴/۲۸	۹۲/۱۲/۲۹	۲۷,۶۰۰,۰۰۰
خودرو	۲۳۰۳	۱۸۹	۴۲	۶	۹۲/۰۶/۳۱	۱۲.۲	۱۰۰	۵۴	۹۲/۰۴/۰۳	۹۲/۱۲/۲۹	۷,۵۰۰,۰۰۰
خساپا	۱۶۵۴	۱۲۰	۴۰	۶	۹۲/۰۶/۳۱	۱۳.۸	۵۰	۴۵	۹۲/۰۴/۰۲	۹۲/۱۲/۲۹	۱۰,۸۰۰,۰۰۰
رمپنا	۴۲۸۹	۵۴۵	۵۱	۶	۹۲/۰۶/۳۱	۷.۹	۵۵۰	۹۰	۹۲/۰۴/۱۷	۹۲/۱۲/۲۹	۹,۴۰۰,۰۰۰
همراه	۱۴۲۵۸	۲,۱۰۵	۵۳	۶	۹۲/۰۶/۳۱	۶.۸	۲,۲۰۰	۹۸	۹۲/۰۴/۰۱	۹۲/۱۲/۲۹	۵,۰۰۰,۰۰۰
فخوز	۳۳۸۴	۵۱۲	۵۹	۶	۹۲/۰۶/۳۱	۶.۶	۵۵۰	۸۲	۹۲/۰۴/۳۰	۹۲/۱۲/۲۹	۸,۴۰۰,۰۰۰
فولاد	۲۷۹۳	۴۶۸	۵۴	۶	۹۲/۰۶/۳۱	۶.۰	۴۰۰	۸۰	۹۲/۰۴/۲۱	۹۲/۱۲/۲۹	۳۶,۲۷۵,۰۰۰
فملی	۴۱۰۲	۸۸۵	۶۱	۶	۹۲/۰۶/۳۱	۴.۶	۹۰۰	۹۰	۹۲/۰۴/۲۵	۹۲/۱۲/۲۹	۵۵,۰۰۰,۰۰۰
کچاد	۵۰۱۲	۱,۰۴۰	۵۸	۶	۹۲/۰۶/۳۱	۴.۸	۱,۱۰۰	۹۳	۹۲/۰۴/۱۳	۹۲/۱۲/۲۹	۱۰,۰۰۰,۰۰۰
کگل	۷۸۶۲	۱,۶۳۰	۶۳	۶	۹۲/۰۶/۳۱	۴.۸	۱,۵۰۰	۹۰	۹۲/۰۴/۱۶	۹۲/۱۲/۲۹	۱۲,۰۰۰,۰۰۰
فارس	۱۹۸۰	۳۱۰	۵۲	۶	۹۲/۰۶/۳۱	۶.۴	۳۰۰	۹۵	۹۲/۰۴/۰۶	۹۲/۱۲/۲۹	۱۰۰,۰۰۰,۰۰۰
شپنا	۵۴۷۸	۹۲۰	۴۶	۶	۹۲/۰۶/۳۱	۶.۰	۱,۰۰۰	۹۸	۹۲/۰۴/۰۴	۹۲/۱۲/۲۹	۴۳,۰۰۰,۰۰۰
شبندر	۳۷۰۵	۵۸۴	۴۹	۶	۹۲/۰۶/۳۱	۶.۳	۵۵۰	۸۹	۹۲/۰۴/۰۷	۹۲/۱۲/۲۹	۲۹,۰۰۰,۰۰۰
شتران	۲۶۶۰	۳۸۷	۵۰	۶	۹۲/۰۶/۳۱	۶.۹	۴۰۰	۹۹	۹۲/۰۴/۱۴	۹۲/۱۲/۲۹	۲۴,۰۰۰,۰۰۰
وبملت	۲۴۲۰	۲۷۶	۵۵	۶	۹۲/۰۶/۳۱	۸.۸	۲۸۰	۸۴	۹۲/۰۴/۲۷	۹۲/۱۲/۲۹	۲۸,۶۵۰,۰۰۰
وبصادر	۱۸۷۵	۲۱۲	۵۳	۶	۹۲/۰۶/۳۱	۸.۸	۲۰۰	۸۰	۹۲/۰۴/۲۳	۹۲/۱۲/۲۹	۲۳,۰۰۰,۰۰۰
وتجارت	۱۶۰۱	۱۸۳	۵۶	۶	۹۲/۰۶/۳۱	۸.۷	۱۷۰	۸۲	۹۲/۰۴/۲۸	۹۲/۱۲/۲۹	۲۷,۶۰۰,۰۰۰
خودرو	۲۳۰۳	۱۸۹	۴۲	۶	۹۲/۰۶/۳۱	۱۲.۲	۱۰۰	۵۴	۹۲/۰۴/۰۳	۹۲/۱۲/۲۹	۷,۵۰۰,۰۰۰
خساپا	۱۶۵۴	۱۲۰	۴۰	۶	۹۲/۰۶/۳۱	۱۳.۸	۵۰	۴۵	۹۲/۰۴/۰۲	۹۲/۱۲/۲۹	۱۰,۸۰۰,۰۰۰
رمپنا	۴۲۸۹	۵۴۵	۵۱	۶	۹۲/۰۶/۳۱	۷.۹	۵۵۰	۹۰	۹۲/۰۴/۱۷	۹۲/۱۲/۲۹	۹,۴۰۰,۰۰۰
همراه	۱۴۲۵۸	۲,۱۰۵	۵۳	۶	۹۲/۰۶/۳۱	۶.۸	۲,۲۰۰	۹۸	۹۲/۰۴/۰۱	۹۲/۱۲/۲۹	۵,۰۰۰,۰۰۰
فخوز	۳۳۸۴	۵۱۲	۵۹	۶	۹۲/۰۶/۳۱	۶.۶	۵۵۰	۸۲	۹۲/۰۴/۳۰	۹۲/۱۲/۲۹	۸,۴۰۰,۰۰۰
فولاد	۲۷۹۳	۴۶۸	۵۴	۶	۹۲/۰۶/۳۱	۶.۰	۴۰۰	۸۰	۹۲/۰۴/۲۱	۹۲/۱۲/۲۹	۳۶,۲۷۵,۰۰۰
فملی	۴۱۰۲	۸۸۵	۶۱	۶	۹۲/۰۶/۳۱	۴.۶	۹۰۰	۹۰	۹۲/۰۴/۲۵	۹۲/۱۲/۲۹	۵۵,۰۰۰,۰۰۰
کچاد	۵۰۱۲	۱,۰۴۰	۵۸	۶	۹۲/۰۶/۳۱	۴.۸	۱,۱۰۰	۹۳	۹۲/۰۴/۱۳	۹۲/۱۲/۲۹	۱۰,۰۰۰,۰۰۰
کگل	۷۸۶۲	۱,۶۳۰	۶۳	۶	۹۲/۰۶/۳۱	۴.۸	۱,۵۰۰	۹۰	۹۲/۰۴/۱۶	۹۲/۱۲/۲۹	۱۲,۰۰۰,۰۰۰
فارس	۱۹۸۰	۳۱۰	۵۲	۶	۹۲/۰۶/۳۱	۶.۴	۳۰۰	۹۵	۹۲/۰۴/۰۶	۹۲/۱۲/۲۹	۱۰۰,۰۰۰,۰۰۰
شپنا	۵۴۷۸	۹۲۰	۴۶	۶	۹۲/۰۶/۳۱	۶.۰	۱,۰۰۰	۹۸	۹۲/۰۴/۰۴	۹۲/۱۲/۲۹	۴۳,۰۰۰,۰۰۰
شبندر	۳۷۰۵	۵۸۴	۴۹	۶	۹۲/۰۶/۳۱	۶.۳	۵۵۰	۸۹	۹۲/۰۴/۰۷	۹۲/۱۲/۲۹	۲۹,۰۰۰,۰۰۰
شتران	۲۶۶۰	۳۸۷	۵۰	۶	۹۲/۰۶/۳۱	۶.۹	۴۰۰	۹۹	۹۲/۰۴/۱۴	۹۲/۱۲/۲۹	۲۴,۰۰۰,۰۰۰
وبملت	۲۴۲۰	۲۷۶	۵۵	۶	۹۲/۰۶/۳۱	۸.۸	۲۸۰	۸۴	۹۲/۰۴/۲۷	۹۲/۱۲/۲۹	۲۸,۶۵۰,۰۰۰
وبصادر	۱۸۷۵	۲۱۲	۵۳	۶	۹۲/۰۶/۳۱	۸.۸	۲۰۰	۸۰	۹۲/۰۴/۲۳	۹۲/۱۲/۲۹	۲۳,۰۰۰,۰۰۰
وتجارت	۱۶۰۱	۱۸۳	۵۶	۶	۹۲/۰۶/۳۱	۸.۷	۱۷۰	۸۲	۹۲/۰۴/۲۸	۹۲/۱۲/۲۹	۲۷,۶۰۰,۰۰۰
خودرو	۲۳۰۳	۱۸۹	۴۲	۶	۹۲/۰۶/۳۱	۱۲.۲	۱۰۰	۵۴	۹۲/۰۴/۰۳	۹۲/۱۲/۲۹	۷,۵۰۰,۰۰۰
خساپا	۱۶۵۴	۱۲۰	۴۰	۶	۹۲/۰۶/۳۱	۱۳.۸	۵۰	۴۵	۹۲/۰۴/۰۲	۹۲/۱۲/۲۹	۱۰,۸۰۰,۰۰۰
رمپنا	۴۲۸۹	۵۴۵	۵۱	۶	۹۲/۰۶/۳۱	۷.۹	۵۵۰	۹۰	۹۲/۰۴/۱۷	۹۲/۱۲/۲۹	۹,۴۰۰,۰۰۰
همراه	۱۴۲۵۸	۲,۱۰۵	۵۳	۶	۹۲/۰۶/۳۱	۶.۸	۲,۲۰۰	۹۸	۹۲/۰۴/۰۱	۹۲/۱۲/۲۹	۵,۰۰۰,۰۰۰
فخوز	۳۳۸۴	۵۱۲	۵۹	۶	۹۲/۰۶/۳۱	۶.۶	۵۵۰	۸۲	۹۲/۰۴/۳۰	۹۲/۱۲/۲۹	۸,۴۰۰,۰۰۰
فولاد	۲۷۹۳	۴۶۸	۵۴	۶	۹۲/۰۶/۳۱	۶.۰	۴۰۰	۸۰	۹۲/۰۴/۲۱	۹۲/۱۲/۲۹	۳۶,۲۷۵,۰۰۰
فملی	۴۱۰۲	۸۸۵	۶۱	۶	۹۲/۰۶/۳۱	۴.۶	۹۰۰	۹۰	۹۲/۰۴/۲۵	۹۲/۱۲/۲۹	۵۵,۰۰۰,۰۰۰
کچاد	۵۰۱۲	۱,۰۴۰	۵۸	۶	۹۲/۰۶/۳۱	۴.۸	۱,۱۰۰	۹۳	۹۲/۰۴/۱۳	۹۲/۱۲/۲۹	۱۰,۰۰۰,۰۰۰
کگل	۷۸۶۲	۱,۶۳۰	۶۳	۶	۹۲/۰۶/۳۱	۴.۸	۱,۵۰۰	۹۰	۹۲/۰۴/۱۶	۹۲/۱۲/۲۹	۱۲,۰۰۰,۰۰۰
فارس	۱۹۸۰	۳۱۰	۵۲	۶	۹۲/۰۶/۳۱	۶.۴	۳۰۰	۹۵	۹۲/۰۴/۰۶	۹۲/۱۲/۲۹	۱۰۰,۰۰۰,۰۰۰
شپنا	۵۴۷۸	۹۲۰	۴۶	۶	۹۲/۰۶/۳۱	۶.۰	۱,۰۰۰	۹۸	۹۲/۰۴/۰۴	۹۲/۱۲/۲۹	۴۳,۰۰۰,۰۰۰
شبندر	۳۷۰۵	۵۸۴	۴۹	۶	۹۲/۰۶/۳۱	۶.۳	۵۵۰	۸۹	۹۲/۰۴/۰۷	۹۲/۱۲/۲۹	۲۹,۰۰۰,۰۰۰
شتران	۲۶۶۰	۳۸۷	۵۰	۶	۹۲/۰۶/۳۱	۶.۹	۴۰۰	۹۹	۹۲/۰۴/۱۴	۹۲/۱۲/۲۹	۲۴,۰۰۰,۰۰۰
وبملت	۲۴۲۰	۲۷۶	۵۵	۶	۹۲/۰۶/۳۱	۸.۸	۲۸۰	۸۴	۹۲/۰۴/۲۷	۹۲/۱۲/۲۹	۲۸,۶۵۰,۰۰۰
وبصادر	۱۸۷۵	۲۱۲	۵۳	۶	۹۲/۰۶/۳۱	۸.۸	۲۰۰	۸۰	۹۲/۰۴/۲۳	۹۲/۱۲/۲۹	۲۳,۰۰۰,۰۰۰
وتجارت	۱۶۰۱	۱۸۳	۵۶	۶	۹۲/۰۶/۳۱	۸.۷	۱۷۰	۸۲	۹۲/۰۴/۲۸	۹۲/۱۲/۲۹	۲۷,۶۰۰,۰۰۰
خودرو	۲۳۰۳	۱۸۹	۴۲	۶	۹۲/۰۶/۳۱	۱۲.۲	۱۰۰	۵۴	۹۲/۰۴/۰۳	۹۲/۱۲/۲۹	۷,۵۰۰,۰۰۰
خساپا	۱۶۵۴	۱۲۰	۴۰	۶	۹۲/۰۶/۳۱	۱۳.۸	۵۰	۴۵	۹۲/۰۴/۰۲	۹۲/۱۲/۲۹	۱۰,۸۰۰,۰۰۰
رمپنا	۴۲۸۹	۵۴۵	۵۱	۶	۹۲/۰۶/۳۱	۷.۹	۵۵۰	۹۰	۹۲/۰۴/۱۷	۹۲/۱۲/۲۹	۹,۴۰۰,۰۰۰
همراه	۱۴۲۵۸	۲,۱۰۵	۵۳	۶	۹۲/۰۶/۳۱	۶.۸	۲,۲۰۰	۹۸	۹۲/۰۴/۰۱	۹۲/۱۲/۲۹	۵,۰۰۰,۰۰۰
فخوز	۳۳۸۴	۵۱۲	۵۹	۶	۹۲/۰۶/۳۱	۶.۶	۵۵۰	۸۲	۹۲/۰۴/۳۰	۹۲/۱۲/۲۹	۸,۴۰۰,۰۰۰
فولاد	۲۷۹۳	۴۶۸	۵۴	۶	۹۲/۰۶/۳۱	۶.۰	۴۰۰	۸۰	۹۲/۰۴/۲۱	۹۲/۱۲/۲۹	۳۶,۲۷۵,۰۰۰
فملی	۴۱۰۲	۸۸۵	۶۱	۶	۹۲/۰۶/۳۱	۴.۶	۹۰۰	۹۰	۹۲/۰۴/۲۵	۹۲/۱۲/۲۹	۵۵,۰۰۰,۰۰۰
کچاد	۵۰۱۲	۱,۰۴۰	۵۸	۶	۹۲/۰۶/۳۱	۴.۸	۱,۱۰۰	۹۳	۹۲/۰۴/۱۳	۹۲/۱۲/۲۹	۱۰,۰۰۰,۰۰۰
کگل	۷۸۶۲	۱,۶۳۰	۶۳	۶	۹۲/۰۶/۳۱	۴.۸	۱,۵۰۰	۹۰	۹۲/۰۴/۱۶	۹۲/۱۲/۲۹	۱۲,۰۰۰,۰۰۰
فارس	۱۹۸۰	۳۱۰	۵۲	۶	۹۲/۰۶/۳۱	۶.۴	۳۰۰	۹۵	۹۲/۰۴/۰۶	۹۲/۱۲/۲۹	۱۰۰,۰۰۰,۰۰۰
شپنا	۵۴۷۸	۹۲۰	۴۶	۶	۹۲/۰۶/۳۱	۶.۰	۱,۰۰۰	۹۸	۹۲/۰۴/۰۴	۹۲/۱۲/۲۹	۴۳,۰۰۰,۰۰۰
شبندر	۳۷۰۵	۵۸۴	۴۹	۶	۹۲/۰۶/۳۱	۶.۳	۵۵۰	۸۹	۹۲/۰۴/۰۷	۹۲/۱۲/۲۹	۲۹,۰۰۰,۰۰۰
شتران	۲۶۶۰	۳۸۷	۵۰	۶	۹۲/۰۶/۳۱	۶.۹	۴۰۰	۹۹	۹۲/۰۴/۱۴	۹۲/۱۲/۲۹	۲۴,۰۰۰,۰۰۰
وبملت	۲۴۲۰	۲۷۶	۵۵	۶	۹۲/۰۶/۳۱	۸.۸	۲۸۰	۸۴	۹۲/۰۴/۲۷	۹۲/۱۲/۲۹	۲۸,۶۵۰,۰۰۰
وبصادر	۱۸۷۵	۲۱۲	۵۳	۶	۹۲/۰۶/۳۱	۸.۸	۲۰۰	۸۰	۹۲/۰۴/۲۳	۹۲/۱۲/۲۹	۲۳,۰۰۰,۰۰۰
وتجارت	۱۶۰۱	۱۸۳	۵۶	۶	۹۲/۰۶/۳۱	۸.۷	۱۷۰	۸۲	۹۲/۰۴/۲۸	۹۲/۱۲/۲۹	۲۷,۶۰۰,۰۰۰
خودرو	۲۳۰۳	۱۸۹	۴۲	۶	۹۲/۰۶/۳۱	۱۲.۲	۱۰۰	۵۴	۹۲/۰۴/۰۳	۹۲/۱۲/۲۹	۷,۵۰۰,۰۰۰
خساپا	۱۶۵۴	۱۲۰	۴۰	۶	۹۲/۰۶/۳۱	۱۳.۸	۵۰	۴۵	۹۲/۰۴/۰۲	۹۲/۱۲/۲۹	۱۰,۸۰۰,۰۰۰
رمپنا	۴۲۸۹	۵۴۵	۵۱	۶	۹۲/۰۶/۳۱	۷.۹	۵۵۰	۹۰	۹۲/۰۴/۱۷	۹۲/۱۲/۲۹	۹,۴۰۰,۰۰۰
همراه	۱۴۲۵۸	۲,۱۰۵	۵۳	۶	۹۲/۰۶/۳۱	۶.۸	۲,۲۰۰	۹۸	۹۲/۰۴/۰۱	۹۲/۱۲/۲۹	۵,۰۰۰,۰۰۰
فخوز	۳۳۸۴	۵۱۲	۵۹	۶	۹۲/۰۶/۳۱	۶.۶	۵۵۰	۸۲	۹۲/۰۴/۳۰	۹۲/۱۲/۲۹	۸,۴۰۰,۰۰۰
فولاد	۲۷۹۳	۴۶۸	۵۴	۶	۹۲/۰۶/۳۱	۶.۰	۴۰۰	۸۰	۹۲/۰۴/۲۱	۹۲/۱۲/۲۹	۳۶,۲۷۵,۰۰۰
فملی	۴۱۰۲	۸۸۵	۶۱	۶	۹۲/۰۶/۳۱	۴.۶	۹۰۰	۹۰	۹۲/۰۴/۲۵	۹۲/۱۲/۲۹	۵۵,۰۰۰,۰۰۰
کچاد	۵۰۱۲	۱,۰۴۰	۵۸	۶	۹۲/۰۶/۳۱	۴.۸	۱,۱۰۰	۹۳	۹۲/۰۴/۱۳	۹۲/۱۲/۲۹	۱۰,۰۰۰,۰۰۰
کگل	۷۸۶۲	۱,۶۳۰	۶۳	۶	۹۲/۰۶/۳۱	۴.۸	۱,۵۰۰	۹۰	۹۲/۰۴/۱۶	۹۲/۱۲/۲۹	۱۲,۰۰۰,۰۰۰
فارس	۱۹۸۰	۳۱۰	۵۲	۶	۹۲/۰۶/۳۱	۶.۴	۳۰۰	۹۵	۹۲/۰۴/۰۶	۹۲/۱۲/۲۹	۱۰۰,۰۰۰,۰۰۰
شپنا	۵۴۷۸	۹۲۰	۴۶	۶	۹۲/۰۶/۳۱	۶.۰	۱,۰۰۰	۹۸	۹۲/۰۴/۰۴	۹۲/۱۲/۲۹	۴۳,۰۰۰,۰۰۰
شبندر	۳۷۰۵	۵۸۴	۴۹	۶	۹۲/۰۶/۳۱	۶.۳	۵۵۰	۸۹	۹۲/۰۴/۰۷	۹۲/۱۲/۲۹	۲۹,۰۰۰,۰۰۰
شتران	۲۶۶۰	۳۸۷	۵۰	۶	۹۲/۰۶/۳۱	۶.۹	۴۰۰	۹۹	۹۲/۰۴/۱۴	۹۲/۱۲/۲۹	۲۴,۰۰۰,۰۰۰
وبملت	۲۴۲۰	۲۷۶	۵۵	۶	۹۲/۰۶/۳۱	۸.۸	۲۸۰	۸۴	۹۲/۰۴/۲۷	۹۲/۱۲/۲۹	۲۸,۶۵۰,۰۰۰
وبصادر	۱۸۷۵	۲۱۲	۵۳	۶	۹۲/۰۶/۳۱	۸.۸	۲۰۰	۸۰	۹۲/۰۴/۲۳	۹۲/۱۲/۲۹	۲۳,۰۰۰,۰۰۰
وتجارت	۱۶۰۱	۱۸۳	۵۶	۶	۹۲/۰۶/۳۱	۸.۷	۱۷۰	۸۲	۹۲/۰۴/۲۸	۹۲/۱۲/۲۹	۲۷,۶۰۰,۰۰۰
خودرو	۲۳۰۳	۱۸۹	۴۲	۶	۹۲/۰۶/۳۱	۱۲.۲	۱۰۰	۵۴	۹۲/۰۴/۰۳	۹۲/۱۲/۲۹	۷,۵۰۰,۰۰۰
خساپا	۱۶۵۴	۱۲۰	۴۰	۶	۹۲/۰۶/۳۱	۱۳.۸	۵۰	۴۵	۹۲/۰۴/۰۲	۹۲/۱۲/۲۹	۱۰,۸۰۰,۰۰۰
رمپنا	۴۲۸۹	۵۴۵	۵۱	۶	۹۲/۰۶/۳۱	۷.۹	۵۵۰	۹۰	۹۲/۰۴/۱۷	۹۲/۱۲/۲۹	۹,۴۰۰,۰۰۰
همراه	۱۴۲۵۸	۲,۱۰۵	۵۳	۶	۹۲/۰۶/۳۱	۶.۸	۲,۲۰۰	۹۸	۹۲/۰۴/۰۱	۹۲/۱۲/۲۹	۵,۰۰۰,۰۰۰
فخوز	۳۳۸۴	۵۱۲	۵۹	۶	۹۲/۰۶/۳۱	۶.۶	۵۵۰	۸۲	۹۲/۰۴/۳۰	۹۲/۱۲/۲۹	۸,۴۰۰,۰۰۰
فولاد	۲۷۹۳	۴۶۸	۵۴	۶	۹۲/۰۶/۳۱	۶.۰	۴۰۰	۸۰	۹۲/۰۴/۲۱	۹۲/۱۲/۲۹	۳۶,۲۷۵,۰۰۰
فملی	۴۱۰۲	۸۸۵	۶۱	۶	۹۲/۰۶/۳۱	۴.۶	۹۰۰	۹۰	۹۲/۰۴/۲۵	۹۲/۱۲/۲۹	۵۵,۰۰۰,۰۰۰
کچاد	۵۰۱۲	۱,۰۴۰	۵۸	۶	۹۲/۰۶/۳۱	۴.۸	۱,۱۰۰	۹۳	۹۲/۰۴/۱۳	۹۲/۱۲/۲۹	۱۰,۰۰۰,۰۰۰
کگل	۷۸۶۲	۱,۶۳۰	۶۳	۶	۹۲/۰۶/۳۱	۴.۸	۱,۵۰۰	۹۰	۹۲/۰۴/۱۶	۹۲/۱۲/۲۹	۱۲,۰۰۰,۰۰۰
فارس	۱۹۸۰	۳۱۰	۵۲	۶	۹۲/۰۶/۳۱	۶.۴	۳۰۰	۹۵	۹۲/۰۴/۰۶	۹۲/۱۲/۲۹	۱۰۰,۰۰۰,۰۰۰
شپنا	۵۴۷۸	۹۲۰	۴۶	۶	۹۲/۰۶/۳۱	۶.۰	۱,۰۰۰	۹۸	۹۲/۰۴/۰۴	۹۲/۱۲/۲۹	۴۳,۰۰۰,۰۰۰
شبندر	۳۷۰۵	۵۸۴	۴۹	۶	۹۲/۰۶/۳۱	۶.۳	۵۵۰	۸۹	۹۲/۰۴/۰۷	۹۲/۱۲/۲۹	۲۹,۰۰۰,۰۰۰
شتران	۲۶۶۰	۳۸۷	۵۰	۶	۹۲/۰۶/۳۱	۶.۹	۴۰۰	۹۹	۹۲/۰۴/۱۴	۹۲/۱۲/۲۹	۲۴,۰۰۰,۰۰۰
وبملت	۲۴۲۰	۲۷۶	۵۵	۶	۹۲/۰۶/۳۱	۸.۸	۲۸۰	۸۴	۹۲/۰۴/۲۷	۹۲/۱۲/۲۹	۲۸,۶۵۰,۰۰۰
وبصادر	۱۸۷۵	۲۱۲	۵۳	۶	۹۲/۰۶/۳۱	۸.۸	۲۰۰	۸۰	۹۲/۰۴/۲۳	۹۲/۱۲/۲۹	۲۳,۰۰۰,۰۰۰
وتجارت	۱۶۰۱	۱۸۳	۵۶	۶	۹۲/۰۶/۳۱	۸.۷	۱۷۰	۸۲	۹۲/۰۴/۲۸	۹۲/۱۲/۲۹	۲۷,۶۰۰,۰۰۰
خودرو	۲۳۰۳	۱۸۹	۴۲	۶	۹۲/۰۶/۳۱	۱۲.۲	۱۰۰	۵۴	۹۲/۰۴/۰۳	۹۲/۱۲/۲۹	۷,۵۰۰,۰۰۰
خساپا	۱۶۵۴	۱۲۰	۴۰	۶	۹۲/۰۶/۳۱	۱۳.۸	۵۰	۴۵	۹۲/۰۴/۰۲	۹۲/۱۲/۲۹	۱۰,۸۰۰,۰۰۰
رمپنا	۴۲۸۹	۵۴۵	۵۱	۶	۹۲/۰۶/۳۱	۷.۹	۵۵۰	۹۰	۹۲/۰۴/۱۷	۹۲/۱۲/۲۹	۹,۴۰۰,۰۰۰
همراه	۱۴۲۵۸	۲,۱۰۵	۵۳	۶	۹۲/۰۶/۳۱	۶.۸	۲,۲۰۰	۹۸	۹۲/۰۴/۰۱	۹۲/۱۲/۲۹	۵,۰۰۰,۰۰۰
فخوز	۳۳۸۴	۵۱۲	۵۹	۶	۹۲/۰۶/۳۱	۶.۶	۵۵۰	۸۲	۹۲/۰۴/۳۰	۹۲/۱۲/۲۹	۸,۴۰۰,۰۰۰
فولاد	۲۷۹۳	۴۶۸	۵۴	۶	۹۲/۰۶/۳۱	۶.۰	۴۰۰	۸۰	۹۲/۰۴/۲۱	۹۲/۱۲/۲۹	۳۶,۲۷۵,۰۰۰
فملی	۴۱۰۲	۸۸۵	۶۱	۶	۹۲/۰۶/۳۱	۴.۶	۹۰۰	۹۰	۹۲/۰۴/۲۵	۹۲/۱۲/۲۹	۵۵,۰۰۰,۰۰۰
کچاد	۵۰۱۲	۱,۰۴۰	۵۸	۶	۹۲/۰۶/۳۱	۴.۸	۱,۱۰۰	۹۳	۹۲/۰۴/۱۳	۹۲/۱۲/۲۹	۱۰,۰۰۰,۰۰۰
کگل	۷۸۶۲	۱,۶۳۰	۶۳	۶	۹۲/۰۶/۳۱	۴.۸	۱,۵۰۰	۹۰	۹۲/۰۴/۱۶	۹۲/۱۲/۲۹	۱۲,۰۰۰,۰۰۰
فارس	۱۹۸۰	۳۱۰	۵۲	۶	۹۲/۰۶/۳۱	۶.۴	۳۰۰	۹۵	۹۲/۰۴/۰۶	۹۲/۱۲/۲۹	۱۰۰,۰۰۰,۰۰۰
شپنا	۵۴۷۸	۹۲۰	۴۶	۶	۹۲/۰۶/۳۱	۶.۰	۱,۰۰۰	۹۸	۹۲/۰۴/۰۴	۹۲/۱۲/۲۹	۴۳,۰۰۰,۰۰۰
شبندر	۳۷۰۵	۵۸۴	۴۹	۶	۹۲/۰۶/۳۱	۶.۳	۵۵۰	۸۹	۹۲/۰۴/۰۷	۹۲/۱۲/۲۹	۲۹,۰۰۰,۰۰۰
شتران	۲۶۶۰	۳۸۷	۵۰	۶	۹۲/۰۶/۳۱	۶.۹	۴۰۰	۹۹	۹۲/۰۴/۱۴	۹۲/۱۲/۲۹	۲۴,۰۰۰,۰۰۰
وبملت	۲۴۲۰	۲۷۶	۵۵	۶	۹۲/۰۶/۳۱	۸.۸	۲۸۰	۸۴	۹۲/۰۴/۲۷	۹۲/۱۲/۲۹	۲۸,۶۵۰,۰۰۰
وبصادر	۱۸۷۵	۲۱۲	۵۳	۶	۹۲/۰۶/۳۱	۸.۸	۲۰۰	۸۰	۹۲/۰۴/۲۳	۹۲/۱۲/۲۹	۲۳,۰۰۰,۰۰۰
وتجارت	۱۶۰۱	۱۸۳	۵۶	۶	۹۲/۰۶/۳۱	۸.۷	۱۷۰	۸۲	۹۲/۰۴/۲۸	۹۲/۱۲/۲۹	۲۷,۶۰۰,۰۰۰
خودرو	۲۳۰۳	۱۸۹	۴۲	۶	۹۲/۰۶/۳۱	۱۲.۲	۱۰۰	۵۴	۹۲/۰۴/۰۳	۹۲/۱۲/۲۹	۷,۵۰۰,۰۰۰
خساپا	۱۶۵۴	۱۲۰	۴۰	۶	۹۲/۰۶/۳۱	۱۳.۸	۵۰	۴۵	۹۲/۰۴/۰۲	۹۲/۱۲/۲۹	۱۰,۸۰۰,۰۰۰
رمپنا	۴۲۸۹	۵۴۵	۵۱	۶	۹۲/۰۶/۳۱	۷.۹	۵۵۰	۹۰	۹۲/۰۴/۱۷	۹۲/۱۲/۲۹	۹,۴۰۰,۰۰۰
همراه	۱۴۲۵۸	۲,۱۰۵	۵۳	۶	۹۲/۰۶/۳۱	۶.۸	۲,۲۰۰	۹۸	۹۲/۰۴/۰۱	۹۲/۱۲/۲۹	۵,۰۰۰,۰۰۰
فخوز	۳۳۸۴	۵۱۲	۵۹	۶	۹۲/۰۶/۳۱	۶.۶	۵۵۰	۸۲	۹۲/۰۴/۳۰	۹۲/۱۲/۲۹	۸,۴۰۰,۰۰۰
فولاد	۲۷۹۳	۴۶۸	۵۴	۶	۹۲/۰۶/۳۱	۶.۰	۴۰۰	۸۰	۹۲/۰۴/۲۱	۹۲/۱۲/۲۹	۳۶,۲۷۵,۰۰۰
فملی	۴۱۰۲	۸۸۵	۶۱	۶	۹۲/۰۶/۳۱	۴.۶	۹۰۰	۹۰	۹۲/۰۴/۲۵	۹۲/۱۲/۲۹	۵۵,۰۰۰,۰۰۰
کچاد	۵۰۱۲	۱,۰۴۰	۵۸	۶	۹۲/۰۶/۳۱	۴.۸	۱,۱۰۰	۹۳	۹۲/۰۴/۱۳	۹۲/۱۲/۲۹	۱۰,۰۰۰,۰۰۰
کگل	۷۸۶۲	۱,۶۳۰	۶۳	۶	۹۲/۰۶/۳۱	۴.۸	۱,۵۰۰	۹۰	۹۲/۰۴/۱۶	۹۲/۱۲/۲۹	۱۲,۰۰۰,۰۰۰
فارس	۱۹۸۰	۳۱۰	۵۲	۶	۹۲/۰۶/۳۱	۶.۴	۳۰۰	۹۵	۹۲/۰۴/۰۶	۹۲/۱۲/۲۹	۱۰۰,۰۰۰,۰۰۰
شپنا	۵۴۷۸	۹۲۰	۴۶	۶	۹۲/۰۶/۳۱	۶.۰	۱,۰۰۰	۹۸	۹۲/۰۴/۰۴	۹۲/۱۲/۲۹	۴۳,۰۰۰,۰۰۰
شبندر	۳۷۰۵	۵۸۴	۴۹	۶	۹۲/۰۶/۳۱	۶.۳	۵۵۰	۸۹	۹۲/۰۴/۰۷	۹۲/۱۲/۲۹	۲۹,۰۰۰,۰۰۰
شتران	۲۶۶۰	۳۸۷	۵۰	۶	۹۲/۰۶/۳۱	۶.۹	۴۰۰	۹۹	۹۲/۰۴/۱۴	۹۲/۱۲/۲۹	۲۴,۰۰۰,۰۰۰
وبملت	۲۴۲۰	۲۷۶	۵۵	۶	۹۲/۰۶/۳۱	۸.۸	۲۸۰	۸۴	۹۲/۰۴/۲۷	۹۲/۱۲/۲۹	۲۸,۶۵۰,۰۰۰
وبصادر	۱۸۷۵	۲۱۲	۵۳	۶	۹۲/۰۶/۳۱	۸.۸	۲۰۰	۸۰	۹۲/۰۴/۲۳	۹۲/۱۲/۲۹	۲۳,۰۰۰,۰۰۰
وتجارت	۱۶۰۱	۱۸۳	۵۶	۶	۹۲/۰۶/۳۱	۸.۷	۱۷۰	۸۲	۹۲/۰۴/۲۸	۹۲/۱۲/۲۹	۲۷,۶۰۰,۰۰۰
خودرو	۲۳۰۳	۱۸۹	۴۲	۶	۹۲/۰۶/۳۱	۱۲.۲	۱۰۰	۵۴	۹۲/۰۴/۰۳	۹۲/۱۲/۲۹	۷,۵۰۰,۰۰۰
خساپا	۱۶۵۴	۱۲۰	۴۰	۶	۹۲/۰۶/۳۱	۱۳.۸	۵۰	۴۵	۹۲/۰۴/۰۲	۹۲/۱۲/۲۹	۱۰,۸۰۰,۰۰۰
رمپنا	۴۲۸۹	۵۴۵	۵۱	۶	۹۲/۰۶/۳۱	۷.۹	۵۵۰	۹۰	۹۲/۰۴/۱۷	۹۲/۱۲/۲۹	۹,۴۰۰,۰۰۰
